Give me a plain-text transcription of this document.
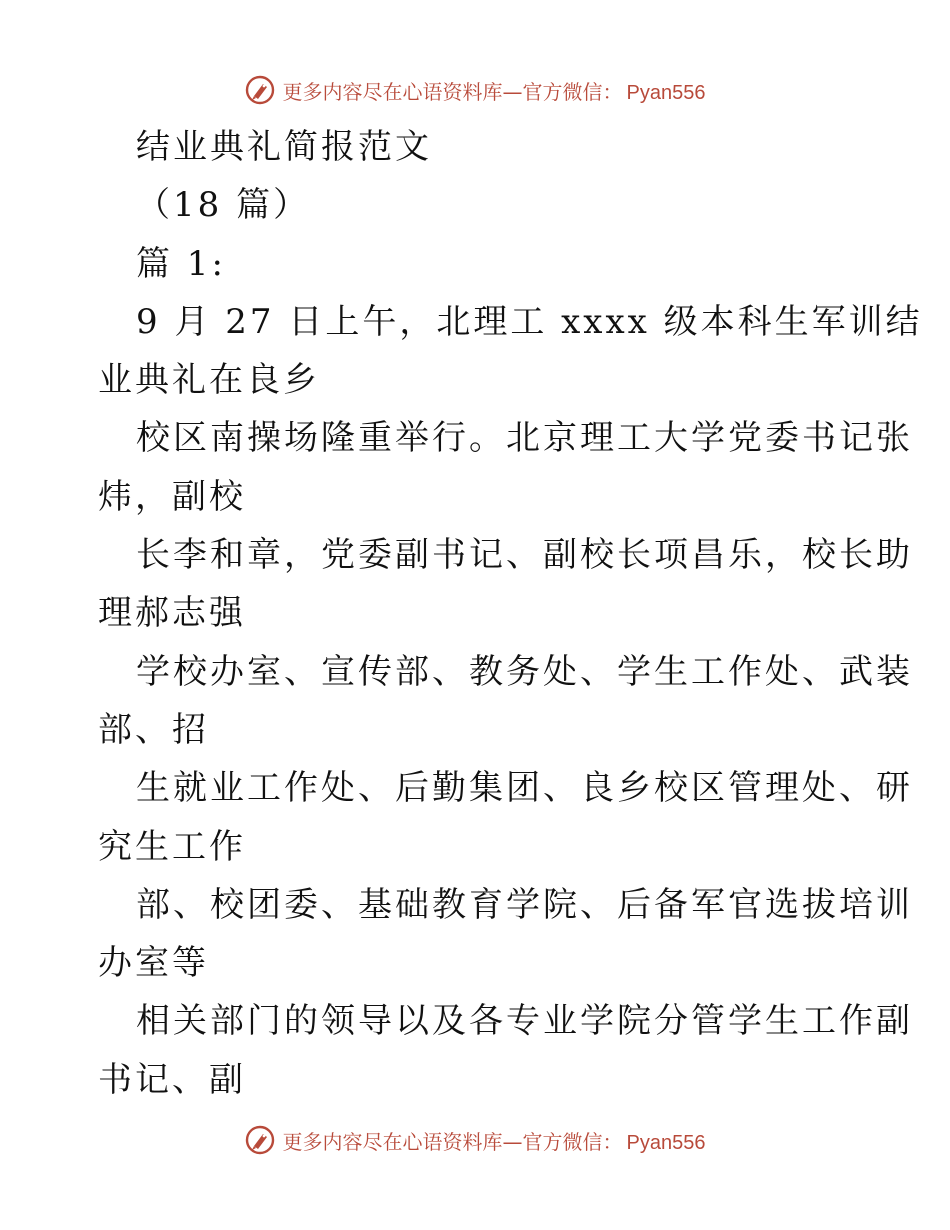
更多内容尽在心语资料库—官方微信： Pyan556
结业典礼简报范文
（18 篇）
篇 1:
9 月 27 日上午，北理工 xxxx 级本科生军训结
业典礼在良乡
校区南操场隆重举行。北京理工大学党委书记张
炜，副校
长李和章，党委副书记、副校长项昌乐，校长助
理郝志强
学校办室、宣传部、教务处、学生工作处、武装
部、招
生就业工作处、后勤集团、良乡校区管理处、研
究生工作
部、校团委、基础教育学院、后备军官选拔培训
办室等
相关部门的领导以及各专业学院分管学生工作副
书记、副
更多内容尽在心语资料库—官方微信： Pyan556
